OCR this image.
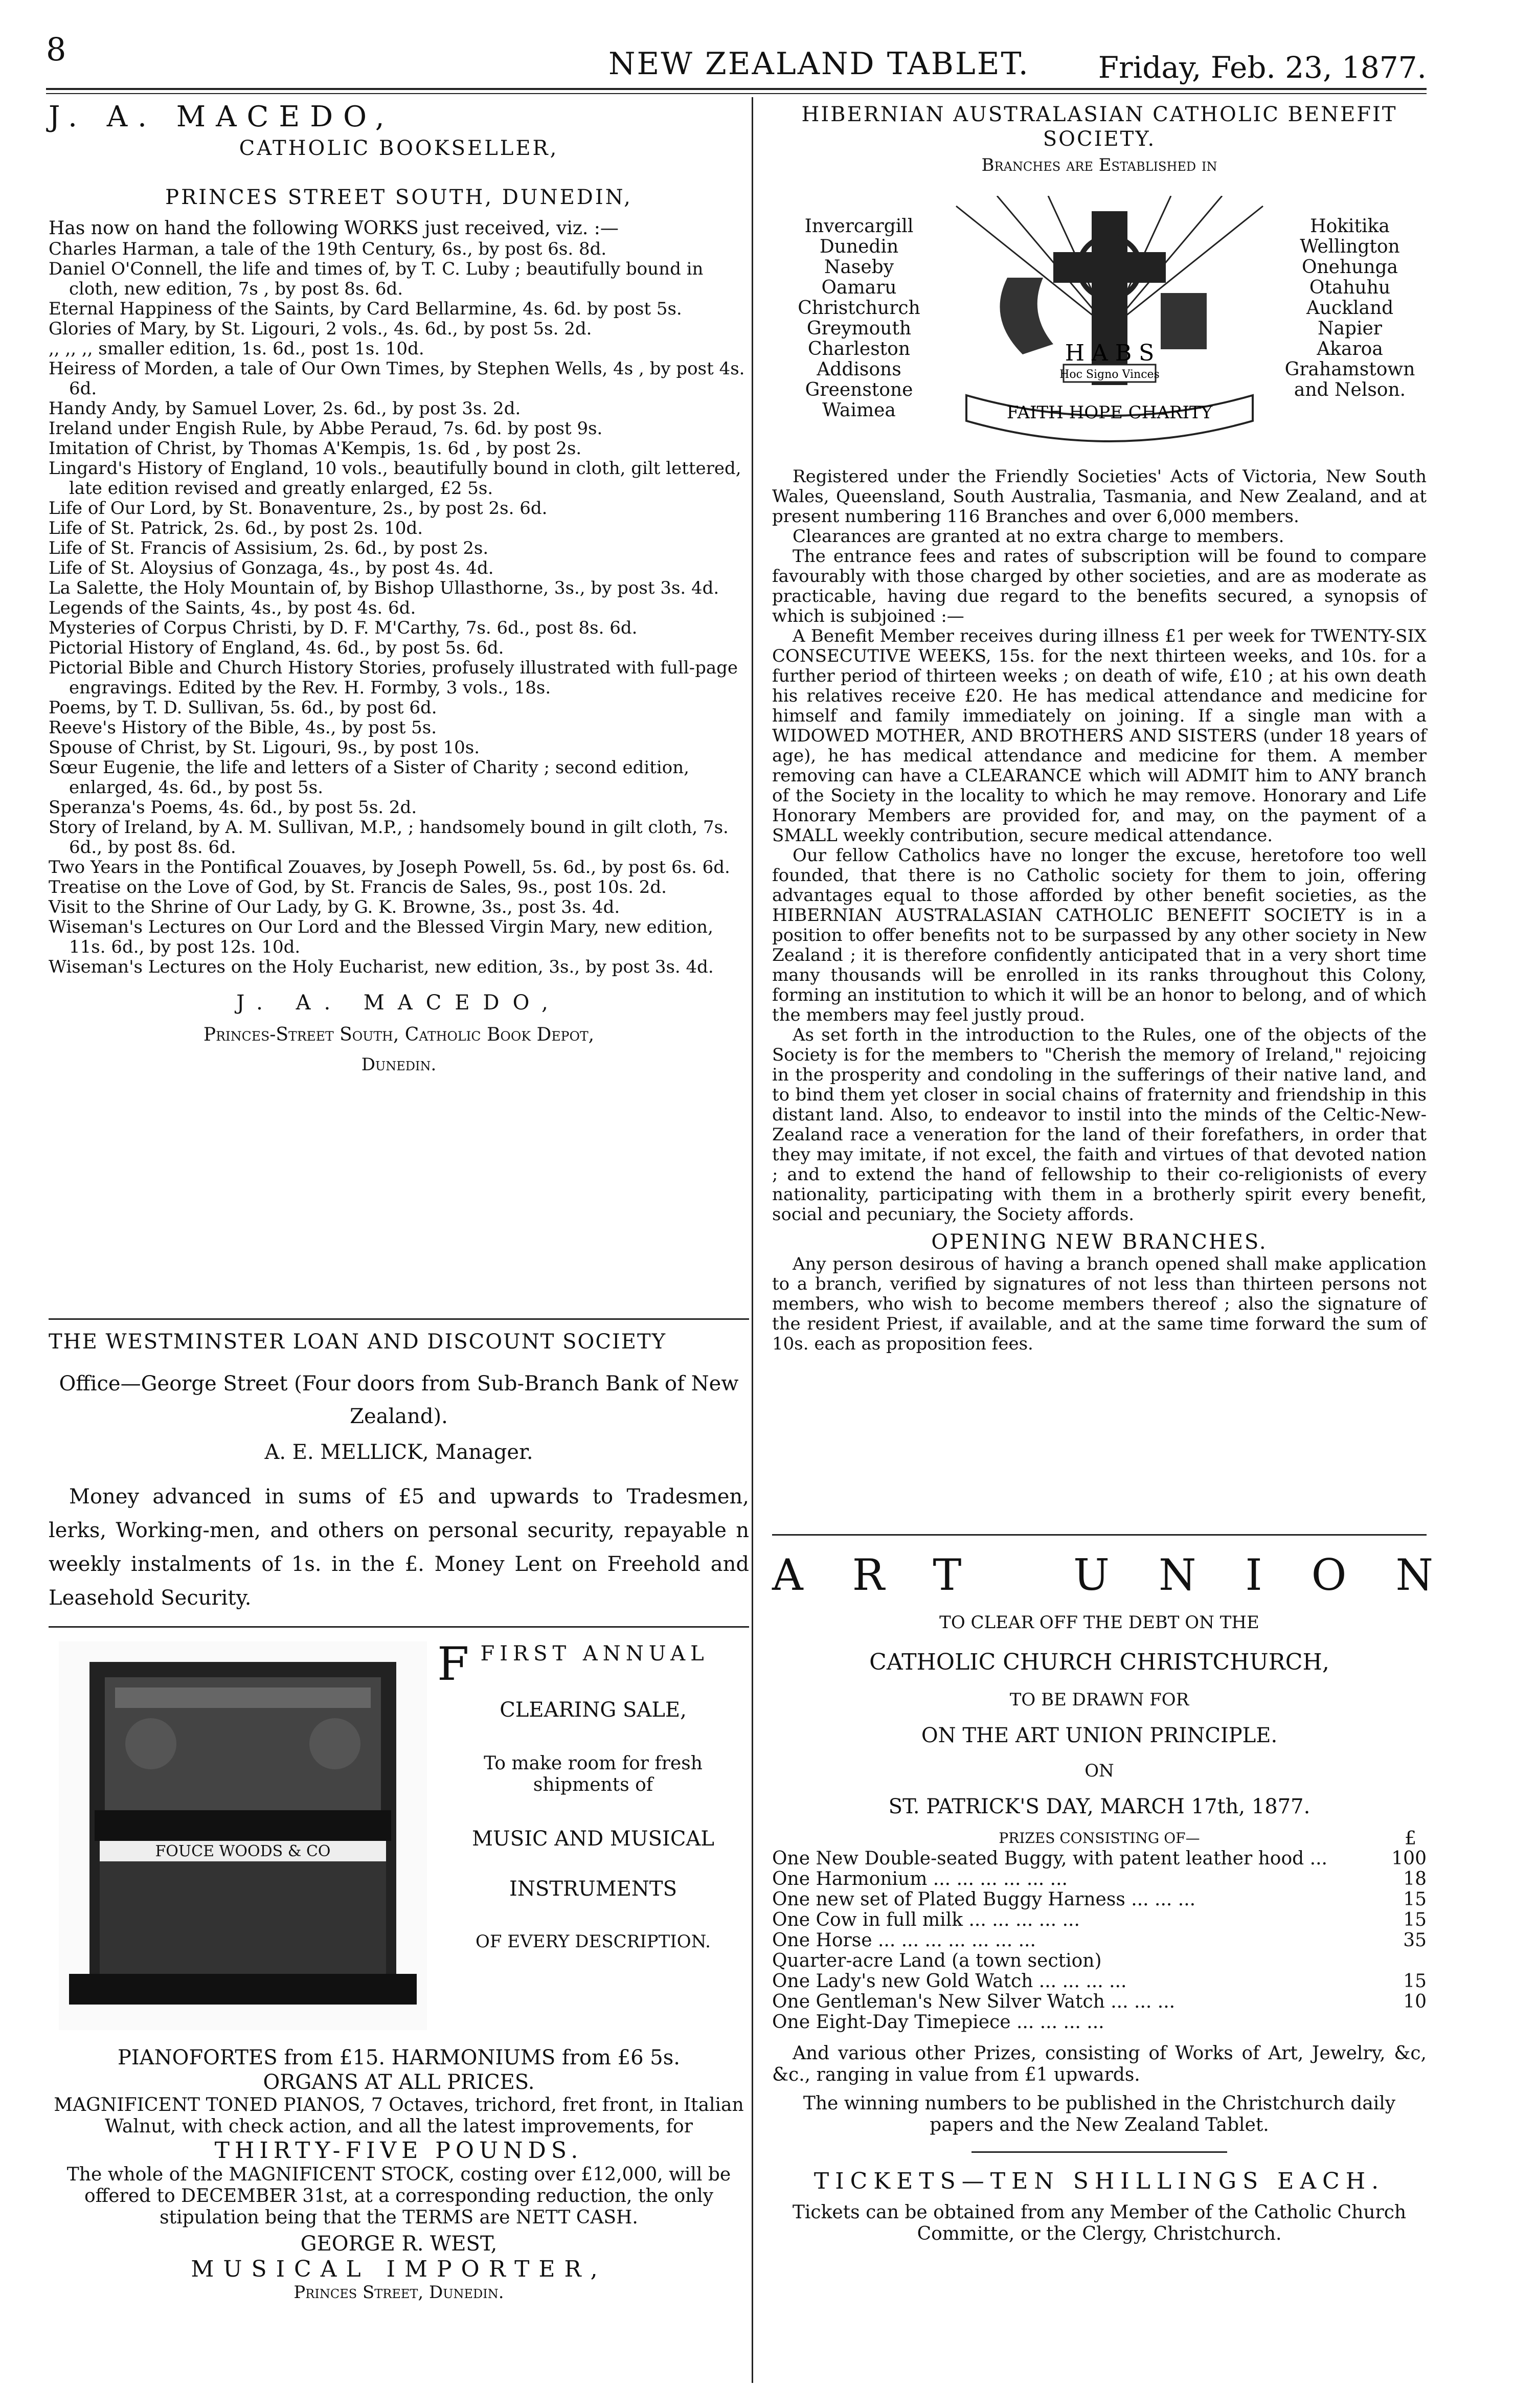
8	NEW ZEALAND TABLET. Friday, Feb. 23, 1877.
J. A. MACEDO,
CATHOLIC BOOKSELLER,
PRINCES STREET SOUTH, DUNEDIN,
Has now on hand the following WORKS just received, viz. :—

Charles Harman, a tale of the 19th Century, 6s., by post 6s. 8d.

Daniel O'Connell, the life and times of, by T. C. Luby ; beautifully bound in cloth, new edition, 7s , by post 8s. 6d.

Eternal Happiness of the Saints, by Card Bellarmine, 4s. 6d. by post 5s.

Glories of Mary, by St. Ligouri, 2 vols., 4s. 6d., by post 5s. 2d.

,, ,, ,, smaller edition, 1s. 6d., post 1s. 10d.

Heiress of Morden, a tale of Our Own Times, by Stephen Wells, 4s , by post 4s. 6d.

Handy Andy, by Samuel Lover, 2s. 6d., by post 3s. 2d.

Ireland under Engish Rule, by Abbe Peraud, 7s. 6d. by post 9s.

Imitation of Christ, by Thomas A'Kempis, 1s. 6d , by post 2s.

Lingard's History of England, 10 vols., beautifully bound in cloth, gilt lettered, late edition revised and greatly enlarged, £2 5s.

Life of Our Lord, by St. Bonaventure, 2s., by post 2s. 6d.

Life of St. Patrick, 2s. 6d., by post 2s. 10d.

Life of St. Francis of Assisium, 2s. 6d., by post 2s.

Life of St. Aloysius of Gonzaga, 4s., by post 4s. 4d.

La Salette, the Holy Mountain of, by Bishop Ullasthorne, 3s., by post 3s. 4d.

Legends of the Saints, 4s., by post 4s. 6d.

Mysteries of Corpus Christi, by D. F. M'Carthy, 7s. 6d., post 8s. 6d.

Pictorial History of England, 4s. 6d., by post 5s. 6d.

Pictorial Bible and Church History Stories, profusely illustrated with full-page engravings. Edited by the Rev. H. Formby, 3 vols., 18s.

Poems, by T. D. Sullivan, 5s. 6d., by post 6d.

Reeve's History of the Bible, 4s., by post 5s.

Spouse of Christ, by St. Ligouri, 9s., by post 10s.

Sœur Eugenie, the life and letters of a Sister of Charity ; second edition, enlarged, 4s. 6d., by post 5s.

Speranza's Poems, 4s. 6d., by post 5s. 2d.

Story of Ireland, by A. M. Sullivan, M.P., ; handsomely bound in gilt cloth, 7s. 6d., by post 8s. 6d.

Two Years in the Pontifical Zouaves, by Joseph Powell, 5s. 6d., by post 6s. 6d.

Treatise on the Love of God, by St. Francis de Sales, 9s., post 10s. 2d.

Visit to the Shrine of Our Lady, by G. K. Browne, 3s., post 3s. 4d.

Wiseman's Lectures on Our Lord and the Blessed Virgin Mary, new edition, 11s. 6d., by post 12s. 10d.

Wiseman's Lectures on the Holy Eucharist, new edition, 3s., by post 3s. 4d.

J. A. MACEDO,
Princes-Street South, Catholic Book Depot,
Dunedin.
THE WESTMINSTER LOAN AND DISCOUNT SOCIETY
Office—George Street (Four doors from Sub-Branch Bank of New Zealand).
A. E. MELLICK, Manager.
Money advanced in sums of £5 and upwards to Tradesmen, lerks, Working-men, and others on personal security, repayable n weekly instalments of 1s. in the £. Money Lent on Freehold and Leasehold Security.
FOUCE WOODS & CO
FFIRST ANNUAL
CLEARING SALE,
To make room for fresh shipments of
MUSIC AND MUSICAL
INSTRUMENTS
OF EVERY DESCRIPTION.
PIANOFORTES from £15. HARMONIUMS from £6 5s.
ORGANS AT ALL PRICES.
MAGNIFICENT TONED PIANOS, 7 Octaves, trichord, fret front, in Italian Walnut, with check action, and all the latest improvements, for
THIRTY-FIVE POUNDS.
The whole of the MAGNIFICENT STOCK, costing over £12,000, will be offered to DECEMBER 31st, at a corresponding reduction, the only stipulation being that the TERMS are NETT CASH.
GEORGE R. WEST,
MUSICAL IMPORTER,
Princes Street, Dunedin.
HIBERNIAN AUSTRALASIAN CATHOLIC BENEFIT SOCIETY.
Branches are Established in
Invercargill
Dunedin
Naseby
Oamaru
Christchurch
Greymouth
Charleston
Addisons
Greenstone
Waimea
Hokitika
Wellington
Onehunga
Otahuhu
Auckland
Napier
Akaroa
Grahamstown
and Nelson.
Hoc Signo Vinces
H A B S
FAITH HOPE CHARITY

Registered under the Friendly Societies' Acts of Victoria, New South Wales, Queensland, South Australia, Tasmania, and New Zealand, and at present numbering 116 Branches and over 6,000 members.

Clearances are granted at no extra charge to members.

The entrance fees and rates of subscription will be found to compare favourably with those charged by other societies, and are as moderate as practicable, having due regard to the benefits secured, a synopsis of which is subjoined :—

A Benefit Member receives during illness £1 per week for TWENTY-SIX CONSECUTIVE WEEKS, 15s. for the next thirteen weeks, and 10s. for a further period of thirteen weeks ; on death of wife, £10 ; at his own death his relatives receive £20. He has medical attendance and medicine for himself and family immediately on joining. If a single man with a WIDOWED MOTHER, AND BROTHERS AND SISTERS (under 18 years of age), he has medical attendance and medicine for them. A member removing can have a CLEARANCE which will ADMIT him to ANY branch of the Society in the locality to which he may remove. Honorary and Life Honorary Members are provided for, and may, on the payment of a SMALL weekly contribution, secure medical attendance.

Our fellow Catholics have no longer the excuse, heretofore too well founded, that there is no Catholic society for them to join, offering advantages equal to those afforded by other benefit societies, as the HIBERNIAN AUSTRALASIAN CATHOLIC BENEFIT SOCIETY is in a position to offer benefits not to be surpassed by any other society in New Zealand ; it is therefore confidently anticipated that in a very short time many thousands will be enrolled in its ranks throughout this Colony, forming an institution to which it will be an honor to belong, and of which the members may feel justly proud.

As set forth in the introduction to the Rules, one of the objects of the Society is for the members to "Cherish the memory of Ireland," rejoicing in the prosperity and condoling in the sufferings of their native land, and to bind them yet closer in social chains of fraternity and friendship in this distant land. Also, to endeavor to instil into the minds of the Celtic-New-Zealand race a veneration for the land of their forefathers, in order that they may imitate, if not excel, the faith and virtues of that devoted nation ; and to extend the hand of fellowship to their co-religionists of every nationality, participating with them in a brotherly spirit every benefit, social and pecuniary, the Society affords.

OPENING NEW BRANCHES.

Any person desirous of having a branch opened shall make application to a branch, verified by signatures of not less than thirteen persons not members, who wish to become members thereof ; also the signature of the resident Priest, if available, and at the same time forward the sum of 10s. each as proposition fees.

ART UNION
TO CLEAR OFF THE DEBT ON THE
CATHOLIC CHURCH CHRISTCHURCH,
TO BE DRAWN FOR
ON THE ART UNION PRINCIPLE.
ON
ST. PATRICK'S DAY, MARCH 17th, 1877.
PRIZES CONSISTING OF—	£
One New Double-seated Buggy, with patent leather hood ...	100
One Harmonium ... ... ... ... ... ...	18
One new set of Plated Buggy Harness ... ... ...	15
One Cow in full milk ... ... ... ... ...	15
One Horse ... ... ... ... ... ... ...	35
Quarter-acre Land (a town section)	
One Lady's new Gold Watch ... ... ... ...	15
One Gentleman's New Silver Watch ... ... ...	10
One Eight-Day Timepiece ... ... ... ...	
And various other Prizes, consisting of Works of Art, Jewelry, &c, &c., ranging in value from £1 upwards.
The winning numbers to be published in the Christchurch daily papers and the New Zealand Tablet.
TICKETS—TEN SHILLINGS EACH.
Tickets can be obtained from any Member of the Catholic Church Committe, or the Clergy, Christchurch.
